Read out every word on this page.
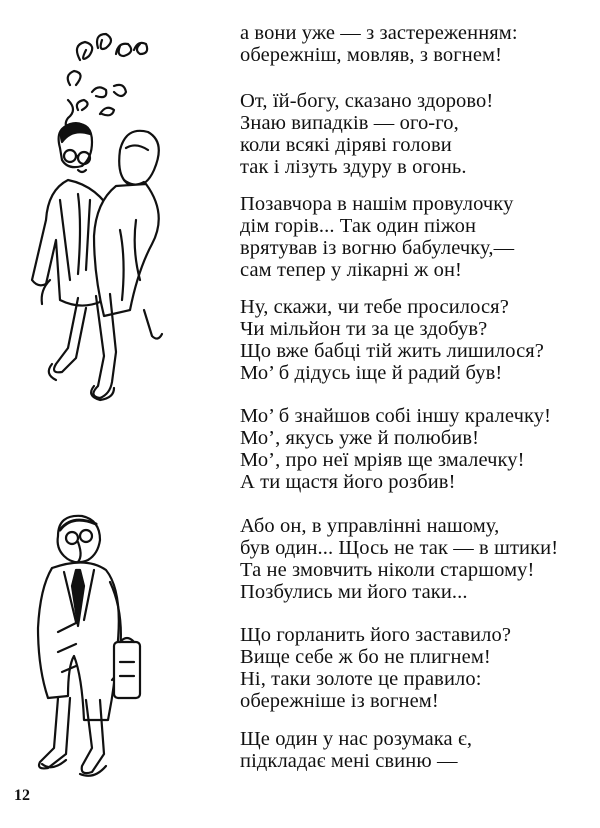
а вони уже — з застереженням:
обережніш, мовляв, з вогнем!

От, їй-богу, сказано здорово!
Знаю випадків — ого-го,
коли всякі діряві голови
так і лізуть здуру в огонь.

Позавчора в нашім провулочку
дім горів... Так один піжон
врятував із вогню бабулечку,—
сам тепер у лікарні ж он!

Ну, скажи, чи тебе просилося?
Чи мільйон ти за це здобув?
Що вже бабці тій жить лишилося?
Мо’ б дідусь іще й радий був!

Мо’ б знайшов собі іншу кралечку!
Мо’, якусь уже й полюбив!
Мо’, про неї мріяв ще змалечку!
А ти щастя його розбив!

Або он, в управлінні нашому,
був один... Щось не так — в штики!
Та не змовчить ніколи старшому!
Позбулись ми його таки...

Що горланить його заставило?
Вище себе ж бо не плигнем!
Ні, таки золоте це правило:
обережніше із вогнем!

Ще один у нас розумака є,
підкладає мені свиню —

12
